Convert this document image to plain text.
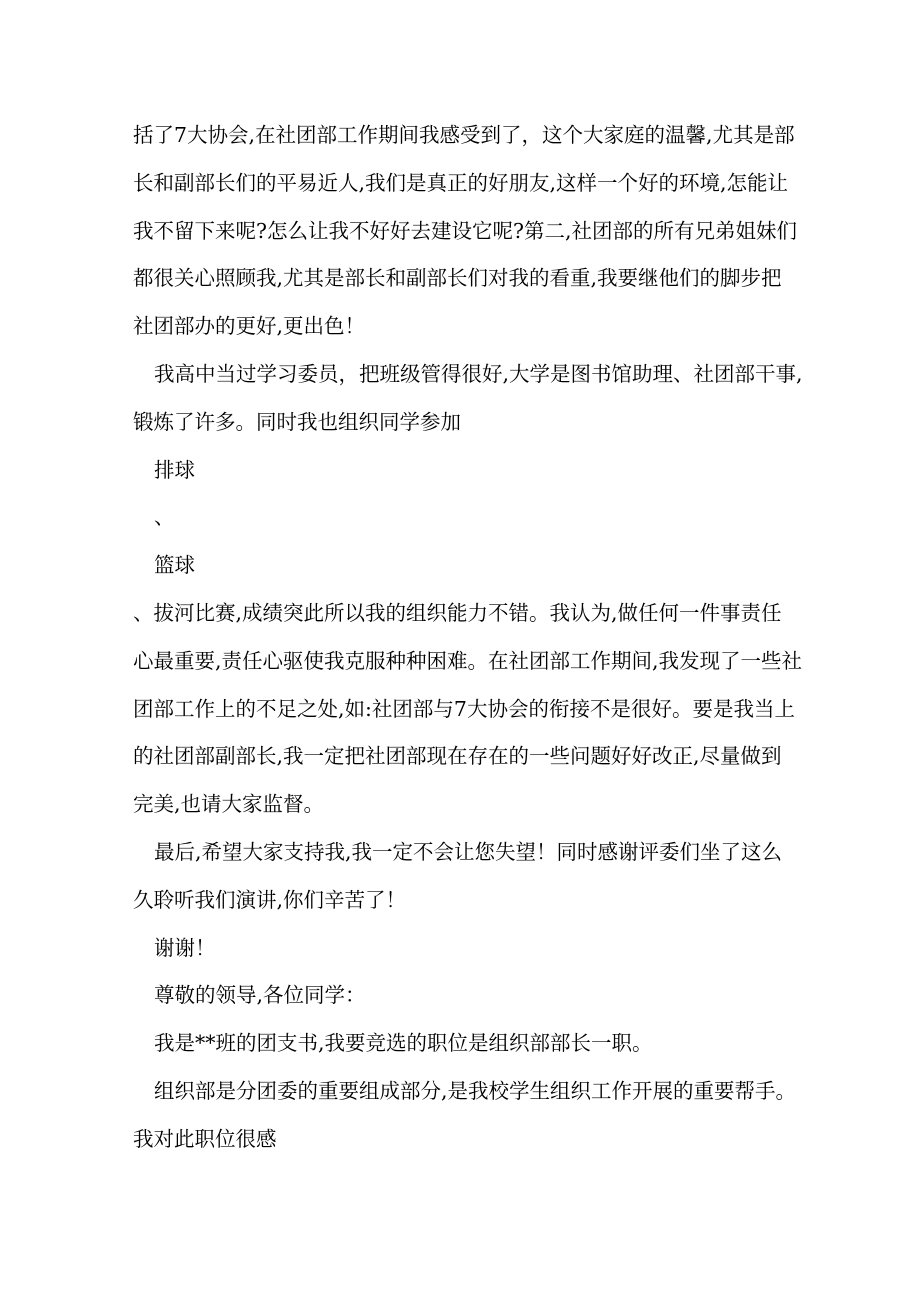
括了7大协会,在社团部工作期间我感受到了，这个大家庭的温馨,尤其是部

长和副部长们的平易近人,我们是真正的好朋友,这样一个好的环境,怎能让

我不留下来呢?怎么让我不好好去建设它呢?第二,社团部的所有兄弟姐妹们

都很关心照顾我,尤其是部长和副部长们对我的看重,我要继他们的脚步把

社团部办的更好,更出色！

我高中当过学习委员，把班级管得很好,大学是图书馆助理、社团部干事,

锻炼了许多。同时我也组织同学参加

排球

、

篮球

、拔河比赛,成绩突此所以我的组织能力不错。我认为,做任何一件事责任

心最重要,责任心驱使我克服种种困难。在社团部工作期间,我发现了一些社

团部工作上的不足之处,如:社团部与7大协会的衔接不是很好。要是我当上

的社团部副部长,我一定把社团部现在存在的一些问题好好改正,尽量做到

完美,也请大家监督。

最后,希望大家支持我,我一定不会让您失望！同时感谢评委们坐了这么

久聆听我们演讲,你们辛苦了！

谢谢！

尊敬的领导,各位同学：

我是**班的团支书,我要竞选的职位是组织部部长一职。

组织部是分团委的重要组成部分,是我校学生组织工作开展的重要帮手。

我对此职位很感
